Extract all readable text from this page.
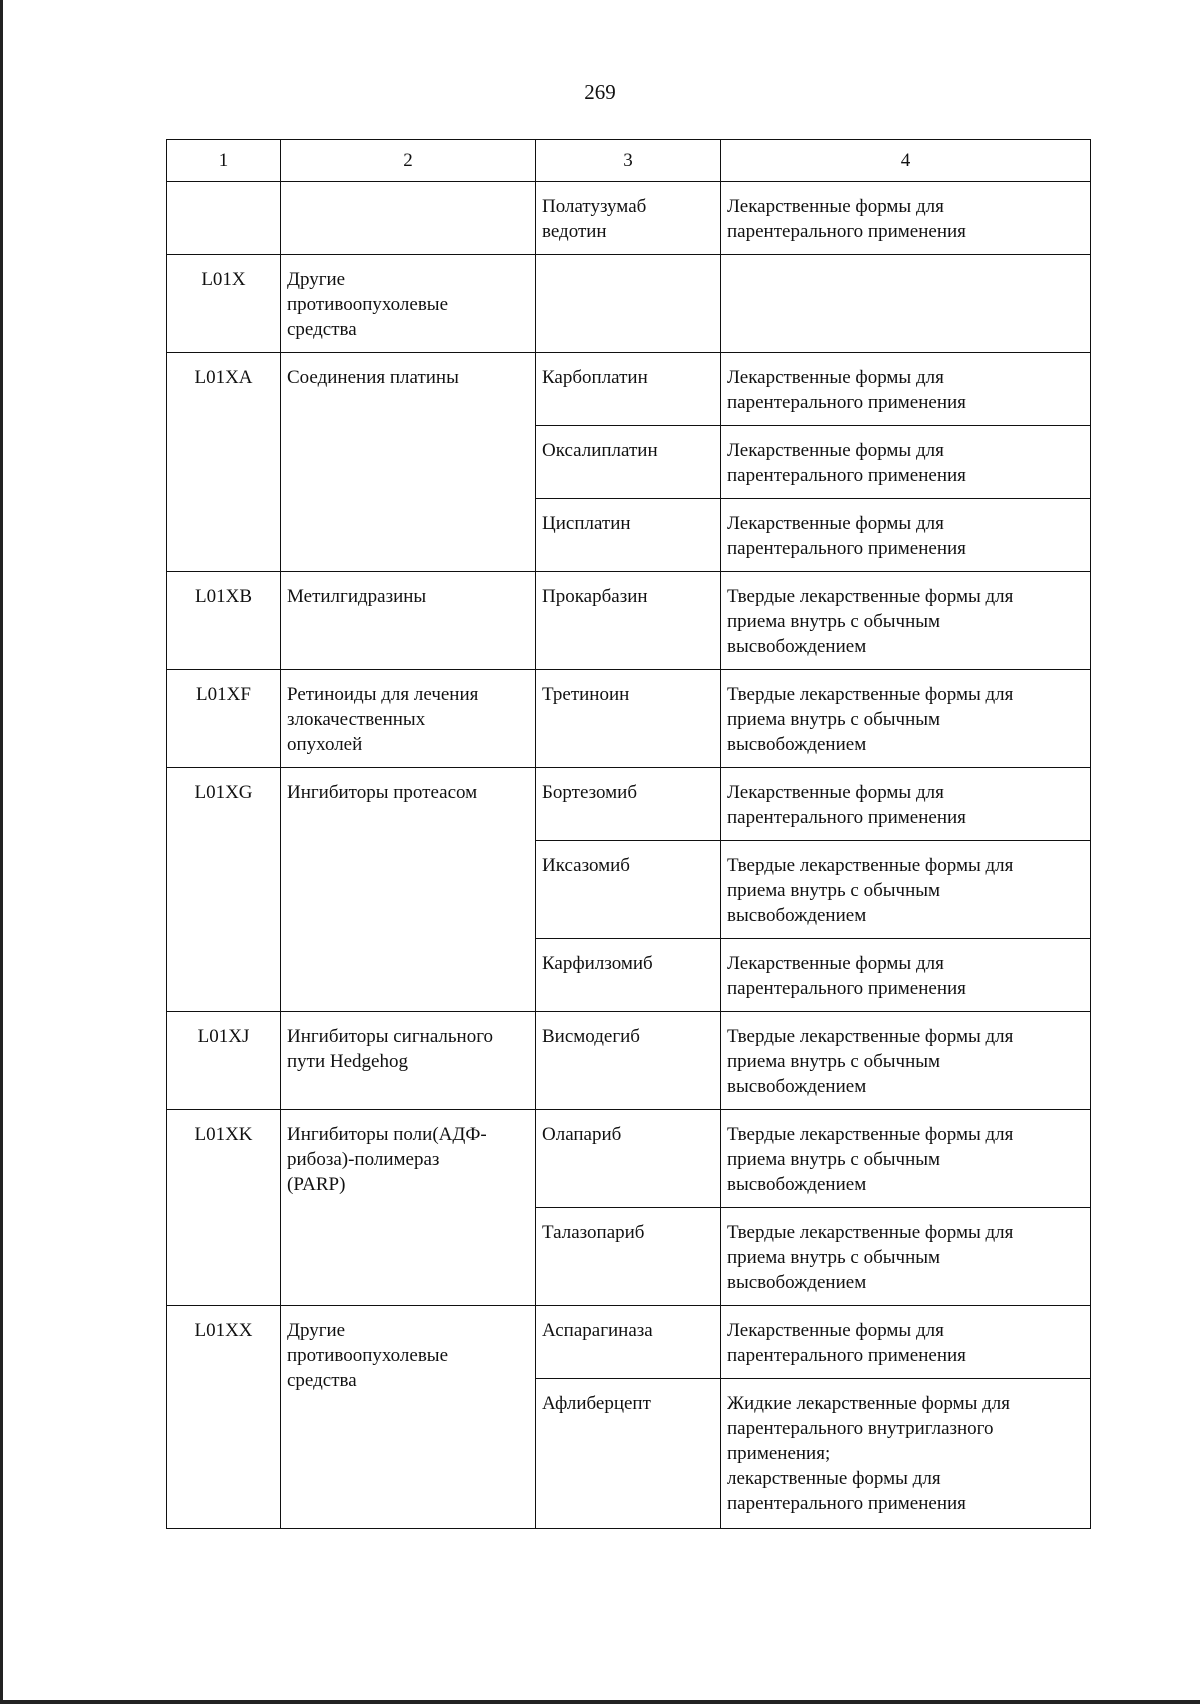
269
1	2	3	4

		Полатузумаб
ведотин	Лекарственные формы для
парентерального применения

L01X	Другие
противоопухолевые
средства		

L01XA	Соединения платины	Карбоплатин	Лекарственные формы для
парентерального применения

		Оксалиплатин	Лекарственные формы для
парентерального применения

		Цисплатин	Лекарственные формы для
парентерального применения

L01XB	Метилгидразины	Прокарбазин	Твердые лекарственные формы для
приема внутрь с обычным
высвобождением

L01XF	Ретиноиды для лечения
злокачественных
опухолей	Третиноин	Твердые лекарственные формы для
приема внутрь с обычным
высвобождением

L01XG	Ингибиторы протеасом	Бортезомиб	Лекарственные формы для
парентерального применения

		Иксазомиб	Твердые лекарственные формы для
приема внутрь с обычным
высвобождением

		Карфилзомиб	Лекарственные формы для
парентерального применения

L01XJ	Ингибиторы сигнального
пути Hedgehog	Висмодегиб	Твердые лекарственные формы для
приема внутрь с обычным
высвобождением

L01XK	Ингибиторы поли(АДФ-
рибоза)-полимераз
(PARP)	Олапариб	Твердые лекарственные формы для
приема внутрь с обычным
высвобождением

		Талазопариб	Твердые лекарственные формы для
приема внутрь с обычным
высвобождением

L01XX	Другие
противоопухолевые
средства	Аспарагиназа	Лекарственные формы для
парентерального применения

		Афлиберцепт	Жидкие лекарственные формы для
парентерального внутриглазного
применения;
лекарственные формы для
парентерального применения
